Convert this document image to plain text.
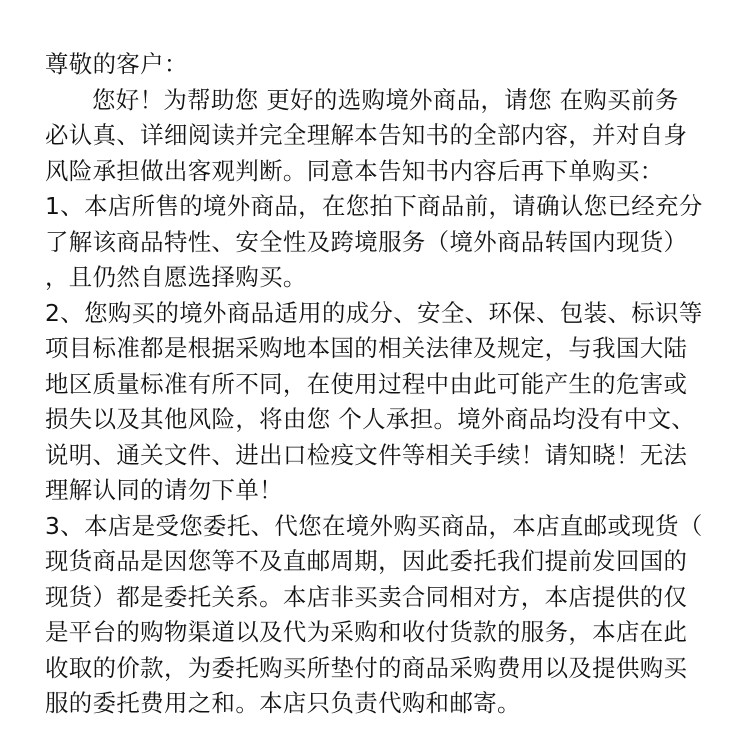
尊敬的客户：
您好！为帮助您 更好的选购境外商品，请您 在购买前务
必认真、详细阅读并完全理解本告知书的全部内容，并对自身
风险承担做出客观判断。同意本告知书内容后再下单购买：
1、本店所售的境外商品，在您拍下商品前，请确认您已经充分
了解该商品特性、安全性及跨境服务（境外商品转国内现货）
，且仍然自愿选择购买。
2、您购买的境外商品适用的成分、安全、环保、包装、标识等
项目标准都是根据采购地本国的相关法律及规定，与我国大陆
地区质量标准有所不同，在使用过程中由此可能产生的危害或
损失以及其他风险，将由您 个人承担。境外商品均没有中文、
说明、通关文件、进出口检疫文件等相关手续！请知晓！无法
理解认同的请勿下单！
3、本店是受您委托、代您在境外购买商品，本店直邮或现货（
现货商品是因您等不及直邮周期，因此委托我们提前发回国的
现货）都是委托关系。本店非买卖合同相对方，本店提供的仅
是平台的购物渠道以及代为采购和收付货款的服务，本店在此
收取的价款，为委托购买所垫付的商品采购费用以及提供购买
服的委托费用之和。本店只负责代购和邮寄。
